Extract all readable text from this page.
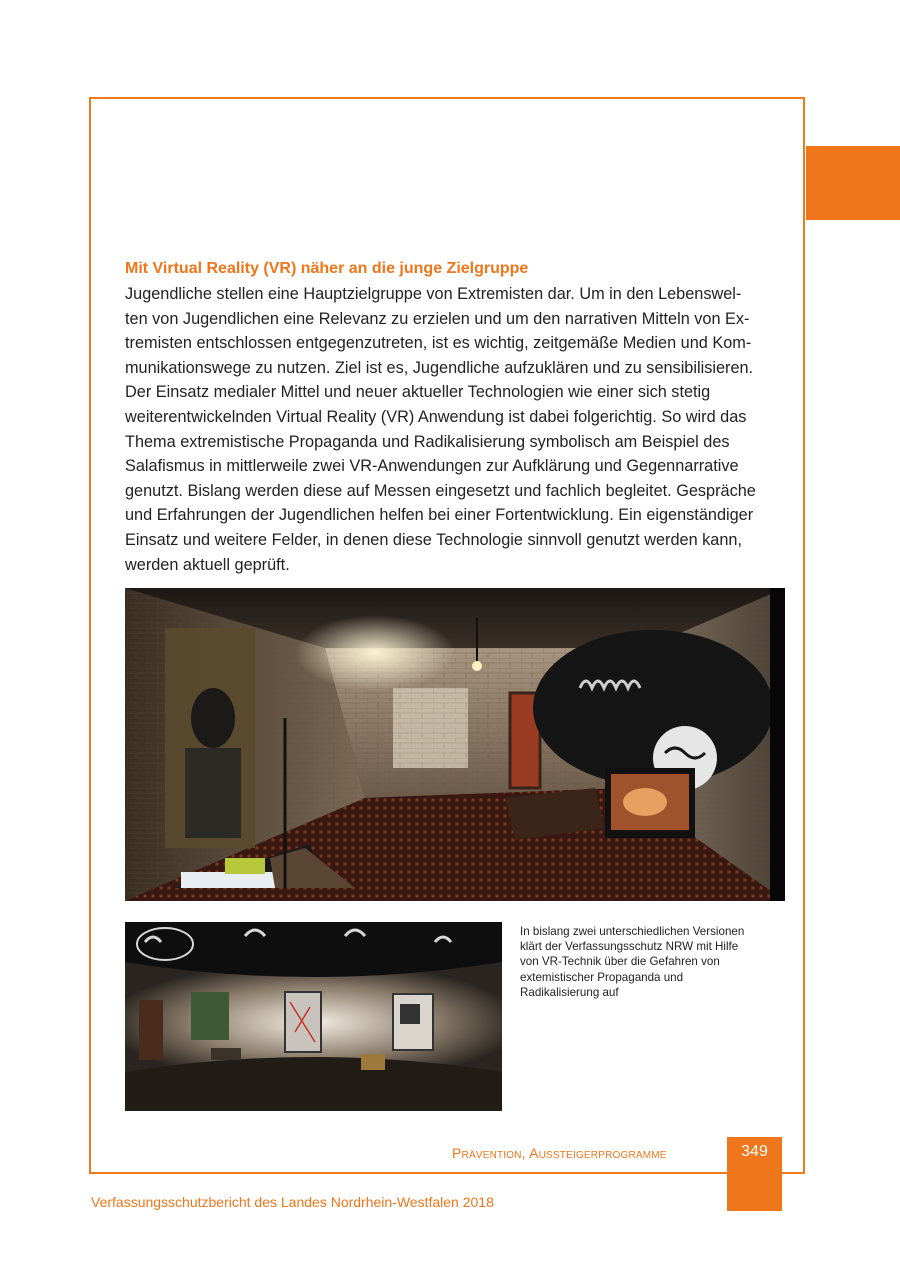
Mit Virtual Reality (VR) näher an die junge Zielgruppe

Jugendliche stellen eine Hauptzielgruppe von Extremisten dar. Um in den Lebenswel-
ten von Jugendlichen eine Relevanz zu erzielen und um den narrativen Mitteln von Ex-
tremisten entschlossen entgegenzutreten, ist es wichtig, zeitgemäße Medien und Kom-
munikationswege zu nutzen. Ziel ist es, Jugendliche aufzuklären und zu sensibilisieren.
Der Einsatz medialer Mittel und neuer aktueller Technologien wie einer sich stetig
weiterentwickelnden Virtual Reality (VR) Anwendung ist dabei folgerichtig. So wird das
Thema extremistische Propaganda und Radikalisierung symbolisch am Beispiel des
Salafismus in mittlerweile zwei VR-Anwendungen zur Aufklärung und Gegennarrative
genutzt. Bislang werden diese auf Messen eingesetzt und fachlich begleitet. Gespräche
und Erfahrungen der Jugendlichen helfen bei einer Fortentwicklung. Ein eigenständiger
Einsatz und weitere Felder, in denen diese Technologie sinnvoll genutzt werden kann,
werden aktuell geprüft.

In bislang zwei unterschiedlichen Versionen
klärt der Verfassungsschutz NRW mit Hilfe
von VR-Technik über die Gefahren von
extemistischer Propaganda und
Radikalisierung auf

Prävention, Aussteigerprogramme	349
Verfassungsschutzbericht des Landes Nordrhein-Westfalen 2018
